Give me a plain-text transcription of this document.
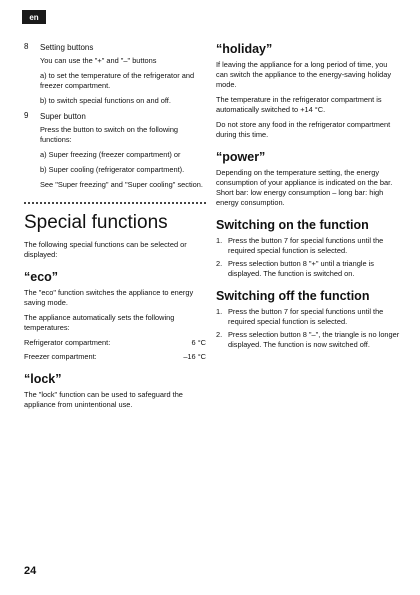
en
8 Setting buttons

You can use the "+" and "–" buttons

a) to set the temperature of the refrigerator and freezer compartment.

b) to switch special functions on and off.

9 Super button

Press the button to switch on the following functions:

a) Super freezing (freezer compartment) or

b) Super cooling (refrigerator compartment).

See "Super freezing" and "Super cooling" section.

Special functions

The following special functions can be selected or displayed:

“eco”

The "eco" function switches the appliance to energy saving mode.

The appliance automatically sets the following temperatures:

Refrigerator compartment:	6 °C
Freezer compartment:	–16 °C
“lock”

The "lock" function can be used to safeguard the appliance from unintentional use.

“holiday”

If leaving the appliance for a long period of time, you can switch the appliance to the energy-saving holiday mode.

The temperature in the refrigerator compartment is automatically switched to +14 °C.

Do not store any food in the refrigerator compartment during this time.

“power”

Depending on the temperature setting, the energy consumption of your appliance is indicated on the bar. Short bar: low energy consumption – long bar: high energy consumption.

Switching on the function
1. Press the button 7 for special functions until the required special function is selected.
2. Press selection button 8 "+" until a triangle is displayed. The function is switched on.
Switching off the function
1. Press the button 7 for special functions until the required special function is selected.
2. Press selection button 8 "–", the triangle is no longer displayed. The function is now switched off.
24
